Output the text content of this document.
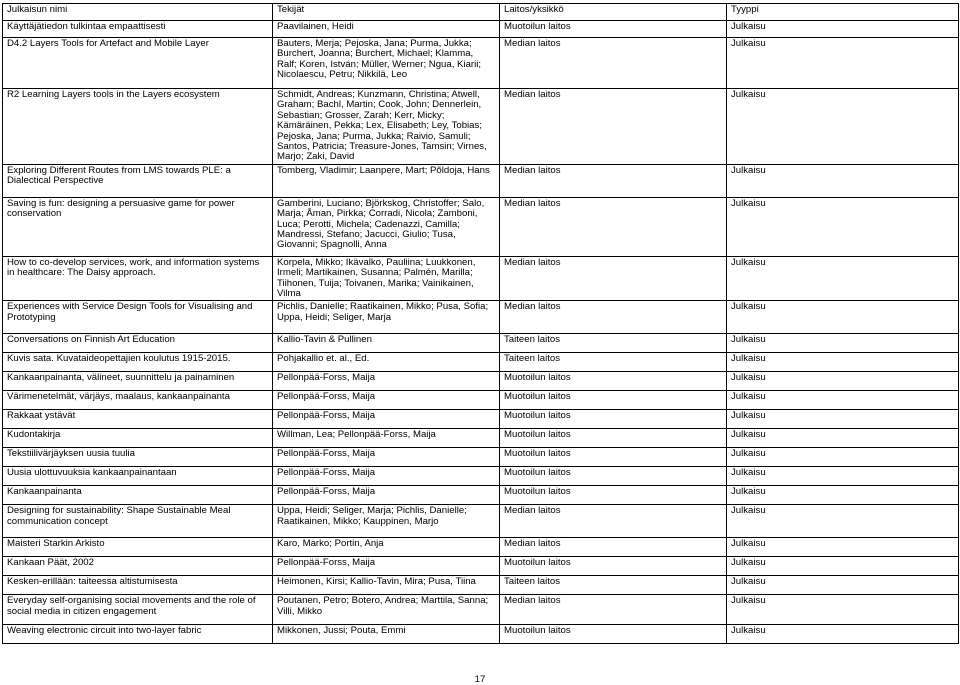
Julkaisun nimi	Tekijät	Laitos/yksikkö	Tyyppi
Käyttäjätiedon tulkintaa empaattisesti	Paavilainen, Heidi	Muotoilun laitos	Julkaisu
D4.2 Layers Tools for Artefact and Mobile Layer	Bauters, Merja; Pejoska, Jana; Purma, Jukka; Burchert, Joanna; Burchert, Michael; Klamma, Ralf; Koren, István; Müller, Werner; Ngua, Kiarii; Nicolaescu, Petru; Nikkilä, Leo	Median laitos	Julkaisu
R2 Learning Layers tools in the Layers ecosystem	Schmidt, Andreas; Kunzmann, Christina; Atwell, Graham; Bachl, Martin; Cook, John; Dennerlein, Sebastian; Grosser, Zarah; Kerr, Micky; Kämäräinen, Pekka; Lex, Elisabeth; Ley, Tobias; Pejoska, Jana; Purma, Jukka; Raivio, Samuli; Santos, Patricia; Treasure-Jones, Tamsin; Virnes, Marjo; Zaki, David	Median laitos	Julkaisu
Exploring Different Routes from LMS towards PLE: a Dialectical Perspective	Tomberg, Vladimir; Laanpere, Mart; Põldoja, Hans	Median laitos	Julkaisu
Saving is fun: designing a persuasive game for power conservation	Gamberini, Luciano; Björkskog, Christoffer; Salo, Marja; Åman, Pirkka; Corradi, Nicola; Zamboni, Luca; Perotti, Michela; Cadenazzi, Camilla; Mandressi, Stefano; Jacucci, Giulio; Tusa, Giovanni; Spagnolli, Anna	Median laitos	Julkaisu
How to co-develop services, work, and information systems in healthcare: The Daisy approach.	Korpela, Mikko; Ikävalko, Pauliina; Luukkonen, Irmeli; Martikainen, Susanna; Palmén, Marilla; Tiihonen, Tuija; Toivanen, Marika; Vainikainen, Vilma	Median laitos	Julkaisu
Experiences with Service Design Tools for Visualising and Prototyping	Pichlis, Danielle; Raatikainen, Mikko; Pusa, Sofia; Uppa, Heidi; Seliger, Marja	Median laitos	Julkaisu
Conversations on Finnish Art Education	Kallio-Tavin & Pullinen	Taiteen laitos	Julkaisu
Kuvis sata. Kuvataideopettajien koulutus 1915-2015.	Pohjakallio et. al., Ed.	Taiteen laitos	Julkaisu
Kankaanpainanta, välineet, suunnittelu ja painaminen	Pellonpää-Forss, Maija	Muotoilun laitos	Julkaisu
Värimenetelmät, värjäys, maalaus, kankaanpainanta	Pellonpää-Forss, Maija	Muotoilun laitos	Julkaisu
Rakkaat ystävät	Pellonpää-Forss, Maija	Muotoilun laitos	Julkaisu
Kudontakirja	Willman, Lea; Pellonpää-Forss, Maija	Muotoilun laitos	Julkaisu
Tekstiilivärjäyksen uusia tuulia	Pellonpää-Forss, Maija	Muotoilun laitos	Julkaisu
Uusia ulottuvuuksia kankaanpainantaan	Pellonpää-Forss, Maija	Muotoilun laitos	Julkaisu
Kankaanpainanta	Pellonpää-Forss, Maija	Muotoilun laitos	Julkaisu
Designing for sustainability: Shape Sustainable Meal communication concept	Uppa, Heidi; Seliger, Marja; Pichlis, Danielle; Raatikainen, Mikko; Kauppinen, Marjo	Median laitos	Julkaisu
Maisteri Starkin Arkisto	Karo, Marko; Portin, Anja	Median laitos	Julkaisu
Kankaan Päät, 2002	Pellonpää-Forss, Maija	Muotoilun laitos	Julkaisu
Kesken-erillään: taiteessa altistumisesta	Heimonen, Kirsi; Kallio-Tavin, Mira; Pusa, Tiina	Taiteen laitos	Julkaisu
Everyday self-organising social movements and the role of social media in citizen engagement	Poutanen, Petro; Botero, Andrea; Marttila, Sanna; Villi, Mikko	Median laitos	Julkaisu
Weaving electronic circuit into two-layer fabric	Mikkonen, Jussi; Pouta, Emmi	Muotoilun laitos	Julkaisu
17
